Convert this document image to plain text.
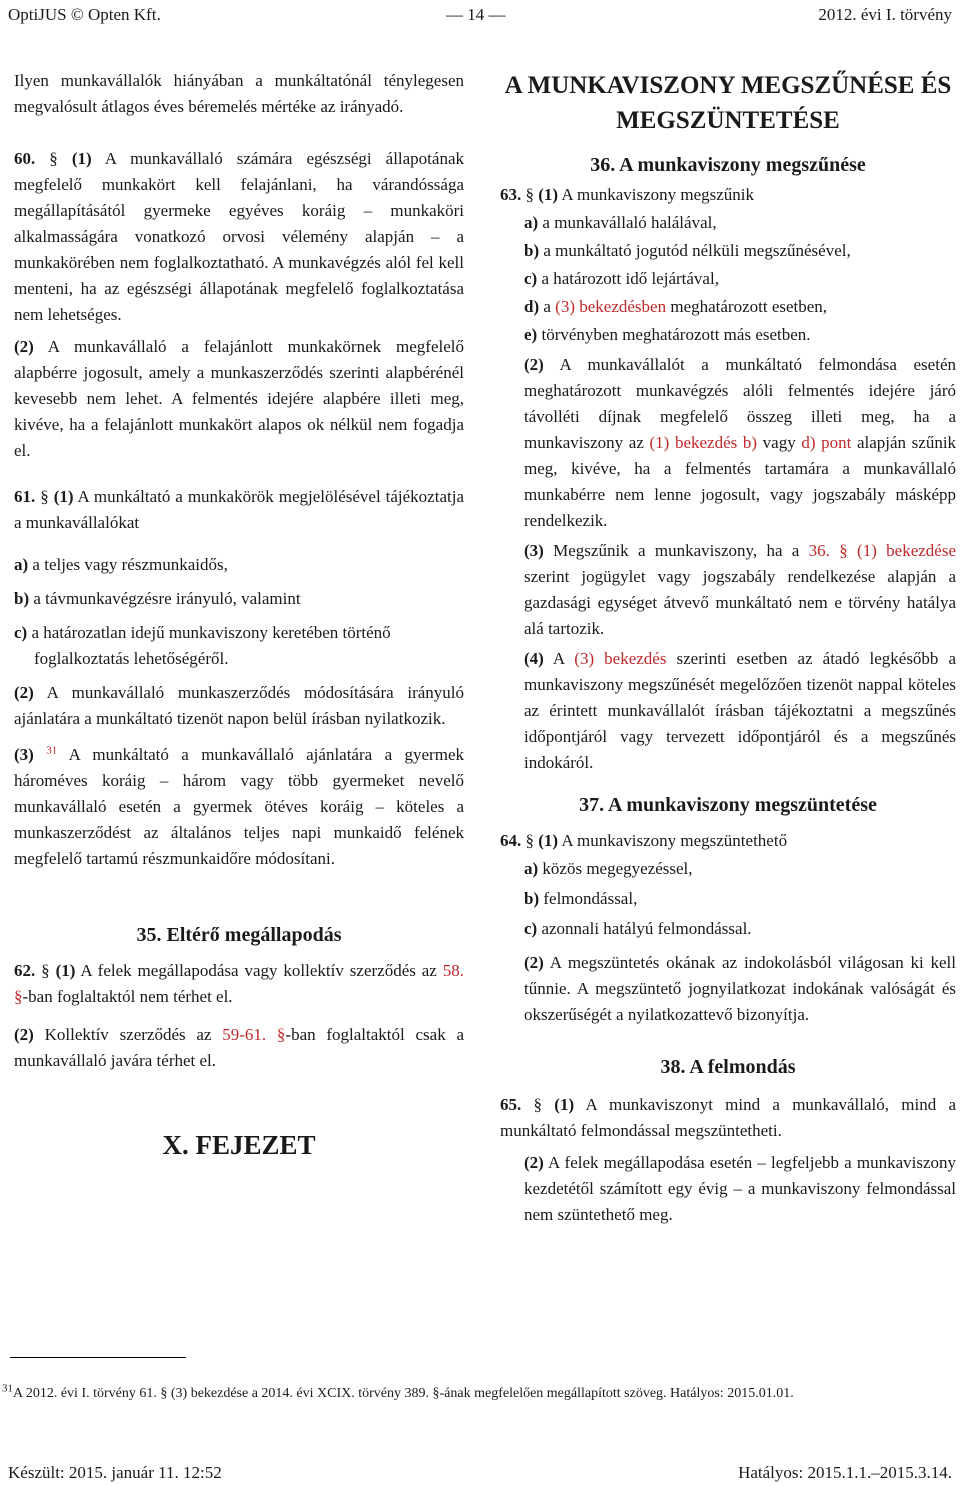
OptiJUS © Opten Kft.	— 14 —	2012. évi I. törvény

Ilyen munkavállalók hiányában a munkáltatónál ténylegesen megvalósult átlagos éves béremelés mértéke az irányadó.

60. § (1) A munkavállaló számára egészségi állapotának megfelelő munkakört kell felajánlani, ha várandóssága megállapításától gyermeke egyéves koráig – munkaköri alkalmasságára vonatkozó orvosi vélemény alapján – a munkakörében nem foglalkoztatható. A munkavégzés alól fel kell menteni, ha az egészségi állapotának megfelelő foglalkoztatása nem lehetséges.

(2) A munkavállaló a felajánlott munkakörnek megfelelő alapbérre jogosult, amely a munkaszerződés szerinti alapbérénél kevesebb nem lehet. A felmentés idejére alapbére illeti meg, kivéve, ha a felajánlott munkakört alapos ok nélkül nem fogadja el.

61. § (1) A munkáltató a munkakörök megjelölésével tájékoztatja a munkavállalókat

a) a teljes vagy részmunkaidős,
b) a távmunkavégzésre irányuló, valamint
c) a határozatlan idejű munkaviszony keretében történő

foglalkoztatás lehetőségéről.

(2) A munkavállaló munkaszerződés módosítására irányuló ajánlatára a munkáltató tizenöt napon belül írásban nyilatkozik.

(3) $^{31}$ A munkáltató a munkavállaló ajánlatára a gyermek hároméves koráig – három vagy több gyermeket nevelő munkavállaló esetén a gyermek ötéves koráig – köteles a munkaszerződést az általános teljes napi munkaidő felének megfelelő tartamú részmunkaidőre módosítani.

35. Eltérő megállapodás

62. § (1) A felek megállapodása vagy kollektív szerződés az 58. §-ban foglaltaktól nem térhet el.

(2) Kollektív szerződés az 59-61. §-ban foglaltaktól csak a munkavállaló javára térhet el.

X. FEJEZET
A MUNKAVISZONY MEGSZŰNÉSE ÉS MEGSZÜNTETÉSE
36. A munkaviszony megszűnése

63. § (1) A munkaviszony megszűnik

a) a munkavállaló halálával,
b) a munkáltató jogutód nélküli megszűnésével,
c) a határozott idő lejártával,
d) a (3) bekezdésben meghatározott esetben,
e) törvényben meghatározott más esetben.

(2) A munkavállalót a munkáltató felmondása esetén meghatározott munkavégzés alóli felmentés idejére járó távolléti díjnak megfelelő összeg illeti meg, ha a munkaviszony az (1) bekezdés b) vagy d) pont alapján szűnik meg, kivéve, ha a felmentés tartamára a munkavállaló munkabérre nem lenne jogosult, vagy jogszabály másképp rendelkezik.

(3) Megszűnik a munkaviszony, ha a 36. § (1) bekezdése szerint jogügylet vagy jogszabály rendelkezése alapján a gazdasági egységet átvevő munkáltató nem e törvény hatálya alá tartozik.

(4) A (3) bekezdés szerinti esetben az átadó legkésőbb a munkaviszony megszűnését megelőzően tizenöt nappal köteles az érintett munkavállalót írásban tájékoztatni a megszűnés időpontjáról vagy tervezett időpontjáról és a megszűnés indokáról.

37. A munkaviszony megszüntetése

64. § (1) A munkaviszony megszüntethető

a) közös megegyezéssel,
b) felmondással,
c) azonnali hatályú felmondással.

(2) A megszüntetés okának az indokolásból világosan ki kell tűnnie. A megszüntető jognyilatkozat indokának valóságát és okszerűségét a nyilatkozattevő bizonyítja.

38. A felmondás

65. § (1) A munkaviszonyt mind a munkavállaló, mind a munkáltató felmondással megszüntetheti.

(2) A felek megállapodása esetén – legfeljebb a munkaviszony kezdetétől számított egy évig – a munkaviszony felmondással nem szüntethető meg.

$^{31}$A 2012. évi I. törvény 61. § (3) bekezdése a 2014. évi XCIX. törvény 389. §-ának megfelelően megállapított szöveg. Hatályos: 2015.01.01.
Készült: 2015. január 11. 12:52	Hatályos: 2015.1.1.–2015.3.14.
